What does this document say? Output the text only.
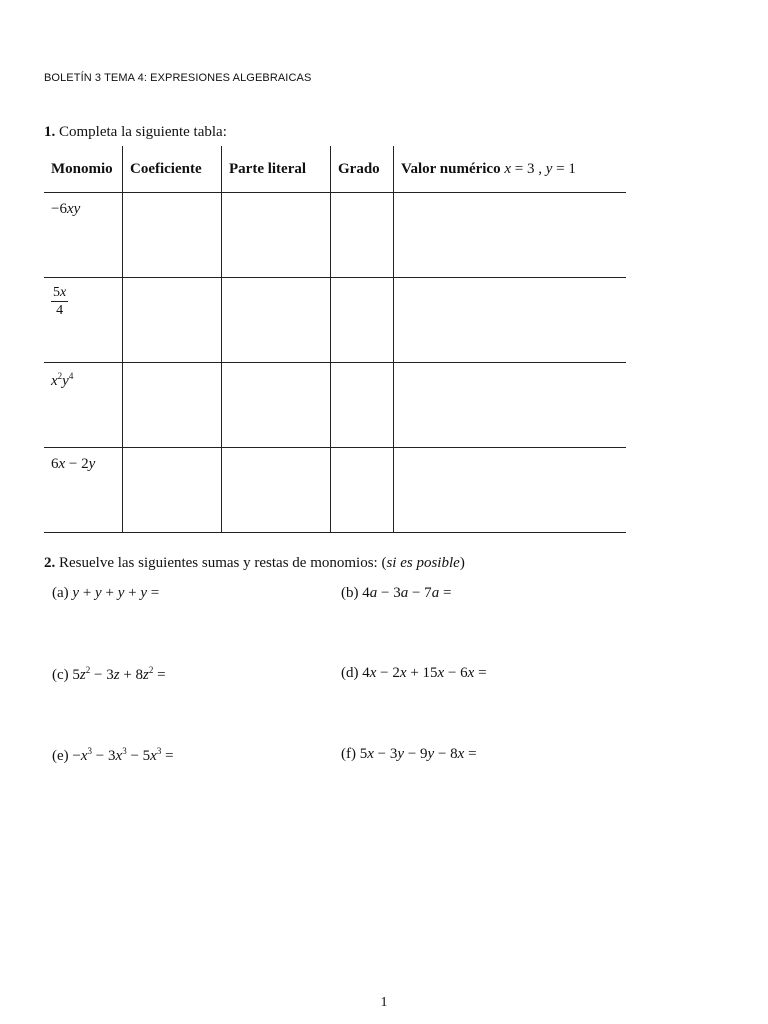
BOLETÍN 3 TEMA 4: EXPRESIONES ALGEBRAICAS
1. Completa la siguiente tabla:
Monomio	Coeficiente	Parte literal	Grado	Valor numérico x = 3 , y = 1
−6xy				

$\frac{5x}{4}$

$x^2y^4$				
6x − 2y				
2. Resuelve las siguientes sumas y restas de monomios: (si es posible)
(a) y + y + y + y =	(b) 4a − 3a − 7a =
(c) $5z^2 - 3z + 8z^2$ =	(d) 4x − 2x + 15x − 6x =
$(e) -x^3 - 3x^3 - 5x^3$ =	(f) 5x − 3y − 9y − 8x =
1
